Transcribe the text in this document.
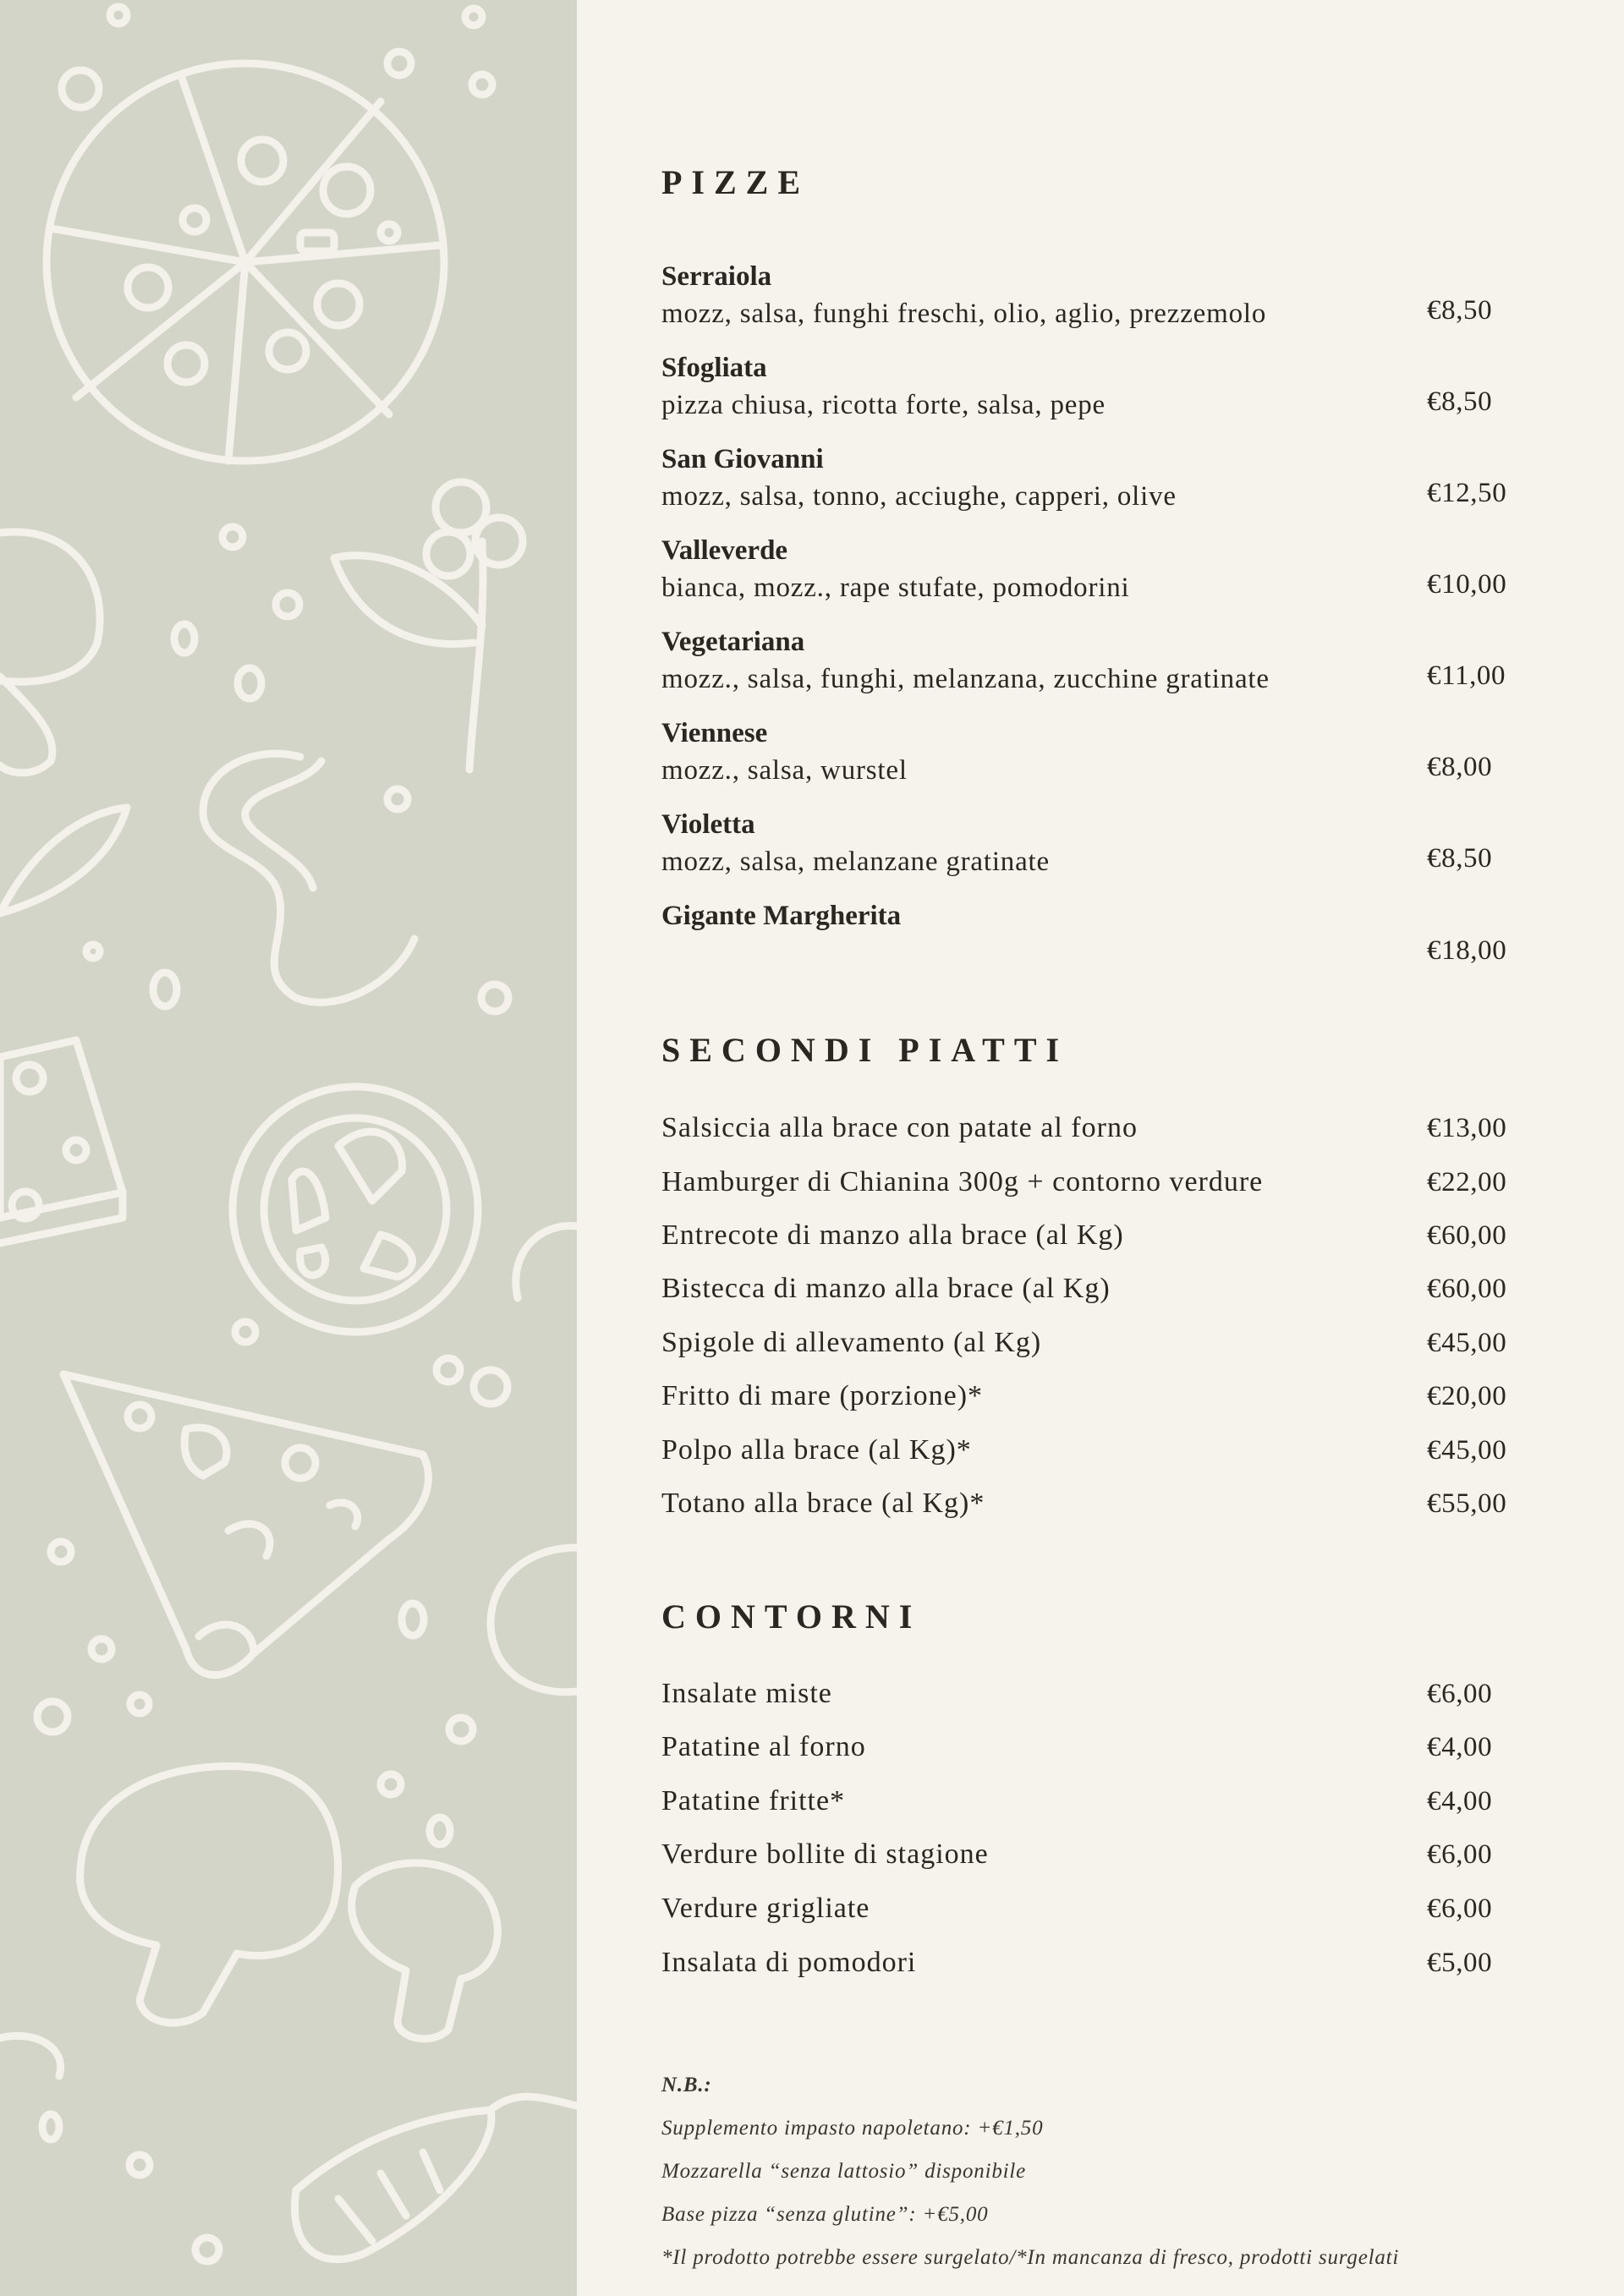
PIZZE
Serraiola
mozz, salsa, funghi freschi, olio, aglio, prezzemolo	€8,50
Sfogliata
pizza chiusa, ricotta forte, salsa, pepe	€8,50
San Giovanni
mozz, salsa, tonno, acciughe, capperi, olive	€12,50
Valleverde
bianca, mozz., rape stufate, pomodorini	€10,00
Vegetariana
mozz., salsa, funghi, melanzana, zucchine gratinate	€11,00
Viennese
mozz., salsa, wurstel	€8,00
Violetta
mozz, salsa, melanzane gratinate	€8,50
Gigante Margherita
€18,00
SECONDI PIATTI
Salsiccia alla brace con patate al forno	€13,00
Hamburger di Chianina 300g + contorno verdure	€22,00
Entrecote di manzo alla brace (al Kg)	€60,00
Bistecca di manzo alla brace (al Kg)	€60,00
Spigole di allevamento (al Kg)	€45,00
Fritto di mare (porzione)*	€20,00
Polpo alla brace (al Kg)*	€45,00
Totano alla brace (al Kg)*	€55,00
CONTORNI
Insalate miste	€6,00
Patatine al forno	€4,00
Patatine fritte*	€4,00
Verdure bollite di stagione	€6,00
Verdure grigliate	€6,00
Insalata di pomodori	€5,00
N.B.:
Supplemento impasto napoletano: +€1,50
Mozzarella “senza lattosio” disponibile
Base pizza “senza glutine”: +€5,00
*Il prodotto potrebbe essere surgelato/*In mancanza di fresco, prodotti surgelati
